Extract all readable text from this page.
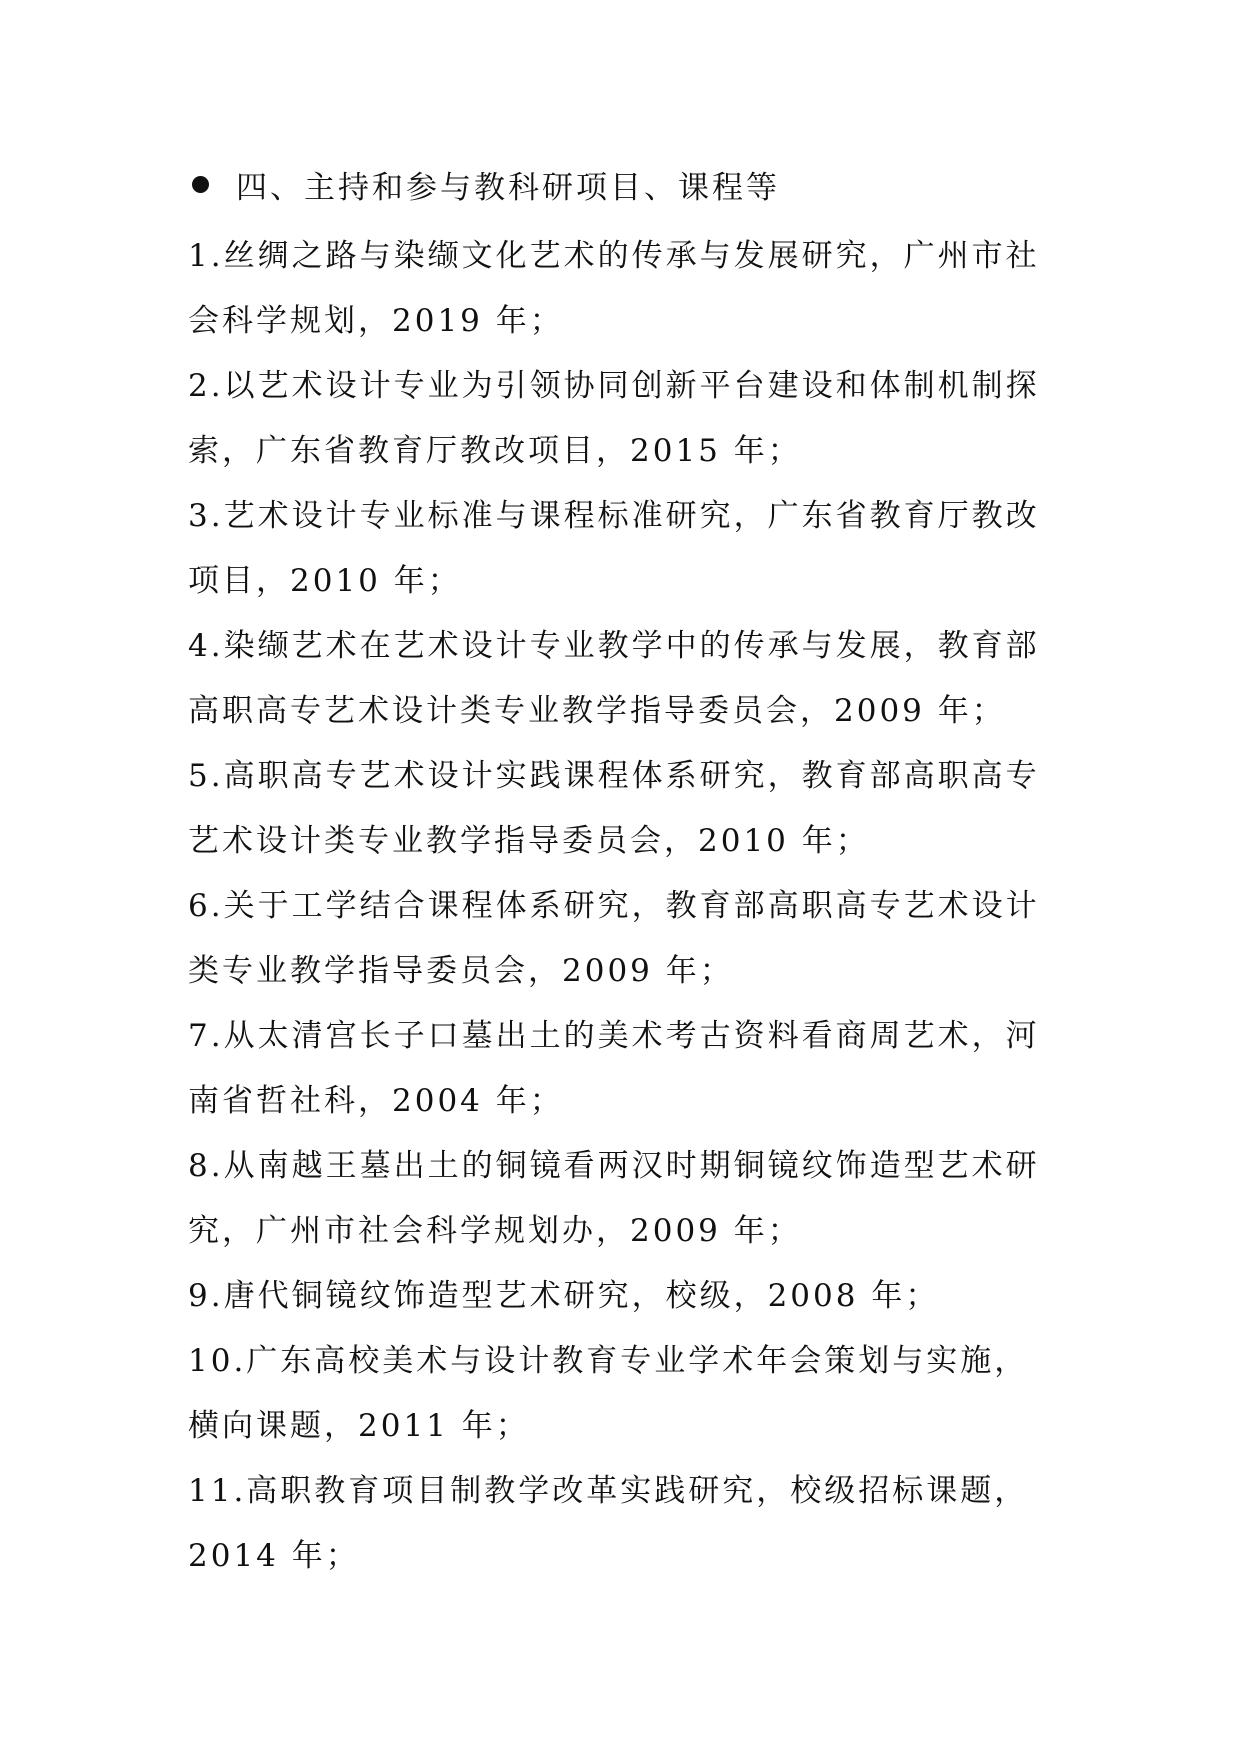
四、主持和参与教科研项目、课程等

1.丝绸之路与染缬文化艺术的传承与发展研究，广州市社会科学规划，2019 年；

2.以艺术设计专业为引领协同创新平台建设和体制机制探索，广东省教育厅教改项目，2015 年；

3.艺术设计专业标准与课程标准研究，广东省教育厅教改项目，2010 年；

4.染缬艺术在艺术设计专业教学中的传承与发展，教育部高职高专艺术设计类专业教学指导委员会，2009 年；

5.高职高专艺术设计实践课程体系研究，教育部高职高专艺术设计类专业教学指导委员会，2010 年；

6.关于工学结合课程体系研究，教育部高职高专艺术设计类专业教学指导委员会，2009 年；

7.从太清宫长子口墓出土的美术考古资料看商周艺术，河南省哲社科，2004 年；

8.从南越王墓出土的铜镜看两汉时期铜镜纹饰造型艺术研究，广州市社会科学规划办，2009 年；

9.唐代铜镜纹饰造型艺术研究，校级，2008 年；

10.广东高校美术与设计教育专业学术年会策划与实施，横向课题，2011 年；

11.高职教育项目制教学改革实践研究，校级招标课题，2014 年；
